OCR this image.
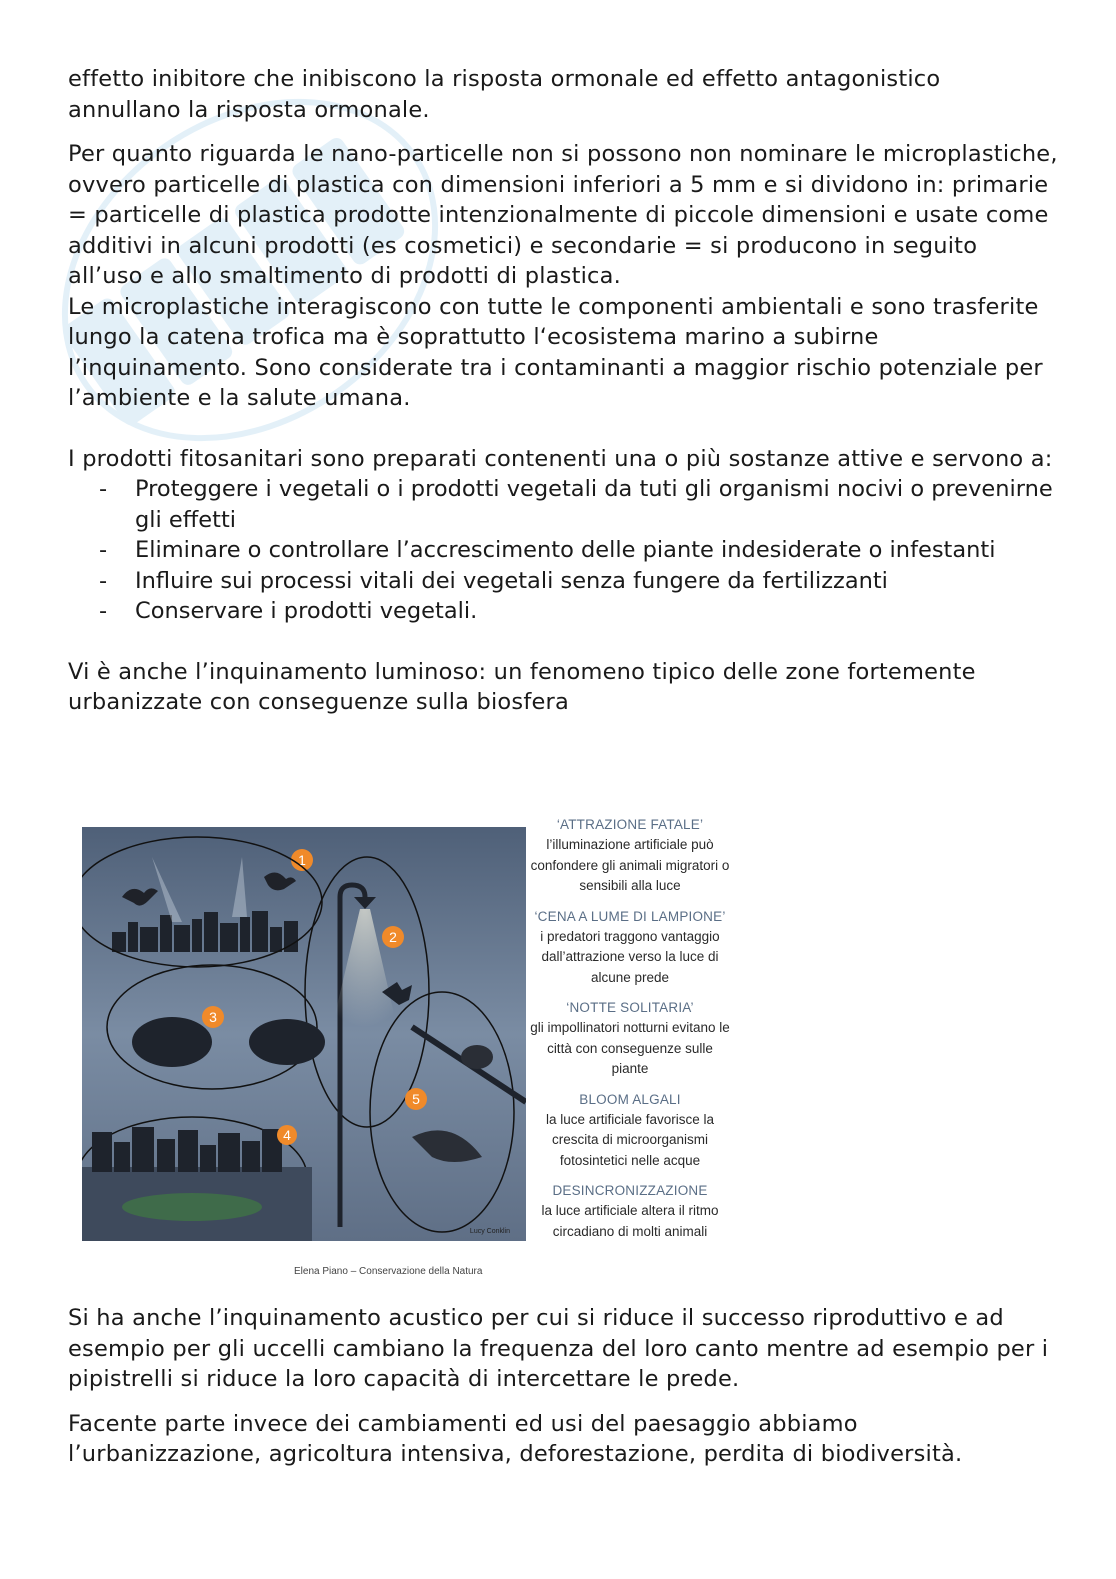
effetto inibitore che inibiscono la risposta ormonale ed effetto antagonistico annullano la risposta ormonale.

Per quanto riguarda le nano-particelle non si possono non nominare le microplastiche, ovvero particelle di plastica con dimensioni inferiori a 5 mm e si dividono in: primarie = particelle di plastica prodotte intenzionalmente di piccole dimensioni e usate come additivi in alcuni prodotti (es cosmetici) e secondarie = si producono in seguito all’uso e allo smaltimento di prodotti di plastica.

Le microplastiche interagiscono con tutte le componenti ambientali e sono trasferite lungo la catena trofica ma è soprattutto l‘ecosistema marino a subirne l’inquinamento. Sono considerate tra i contaminanti a maggior rischio potenziale per l’ambiente e la salute umana.

I prodotti fitosanitari sono preparati contenenti una o più sostanze attive e servono a:

- Proteggere i vegetali o i prodotti vegetali da tuti gli organismi nocivi o prevenirne gli effetti
- Eliminare o controllare l’accrescimento delle piante indesiderate o infestanti
- Influire sui processi vitali dei vegetali senza fungere da fertilizzanti
- Conservare i prodotti vegetali.

Vi è anche l’inquinamento luminoso: un fenomeno tipico delle zone fortemente urbanizzate con conseguenze sulla biosfera

1
2
3
5
4
Lucy Conklin
Elena Piano – Conservazione della Natura
‘ATTRAZIONE FATALE’
l’illuminazione artificiale può confondere gli animali migratori o sensibili alla luce
‘CENA A LUME DI LAMPIONE’
i predatori traggono vantaggio dall’attrazione verso la luce di alcune prede
‘NOTTE SOLITARIA’
gli impollinatori notturni evitano le città con conseguenze sulle piante
BLOOM ALGALI
la luce artificiale favorisce la crescita di microorganismi fotosintetici nelle acque
DESINCRONIZZAZIONE
la luce artificiale altera il ritmo circadiano di molti animali

Si ha anche l’inquinamento acustico per cui si riduce il successo riproduttivo e ad esempio per gli uccelli cambiano la frequenza del loro canto mentre ad esempio per i pipistrelli si riduce la loro capacità di intercettare le prede.

Facente parte invece dei cambiamenti ed usi del paesaggio abbiamo l’urbanizzazione, agricoltura intensiva, deforestazione, perdita di biodiversità.
